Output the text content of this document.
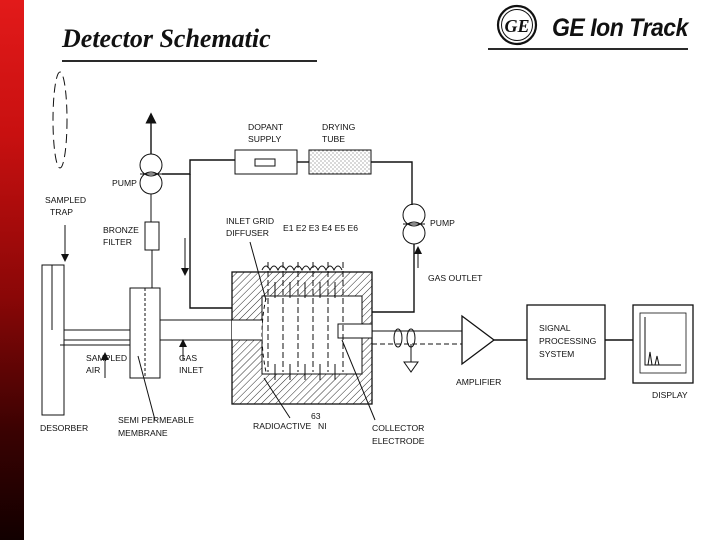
Detector Schematic	GE Ion Track
GE
PUMP
DOPANT
SUPPLY
DRYING
TUBE
SAMPLED
TRAP
BRONZE
FILTER
INLET GRID
DIFFUSER E1 E2 E3 E4 E5 E6	PUMP
GAS OUTLET
SIGNAL
PROCESSING
SYSTEM
SAMPLED
AIR
GAS
INLET
AMPLIFIER
DISPLAY
DESORBER
SEMI PERMEABLE
MEMBRANE
RADIOACTIVE
63
NI	COLLECTOR
ELECTRODE
